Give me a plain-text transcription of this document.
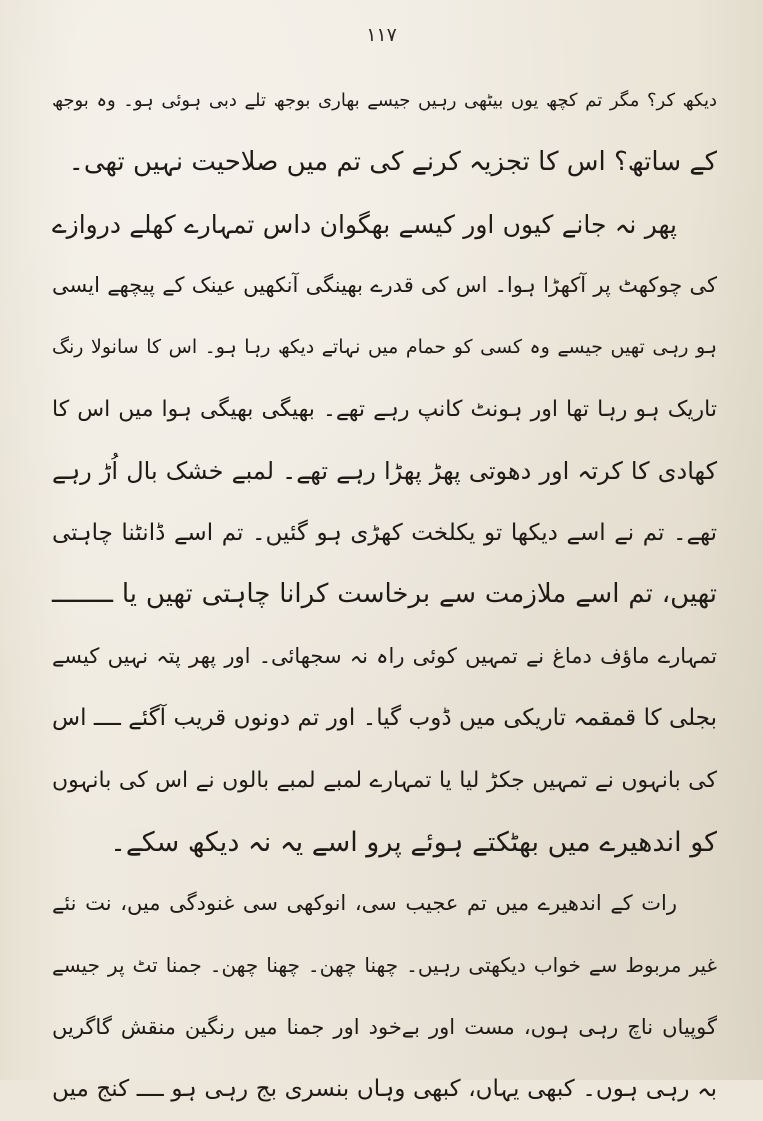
۱۱۷
دیکھ کر؟ مگر تم کچھ یوں بیٹھی رہیں جیسے بھاری بوجھ تلے دبی ہوئی ہو۔ وہ بوجھ
کے ساتھ؟ اس کا تجزیہ کرنے کی تم میں صلاحیت نہیں تھی۔
پھر نہ جانے کیوں اور کیسے بھگوان داس تمہارے کھلے دروازے
کی چوکھٹ پر آکھڑا ہوا۔ اس کی قدرے بھینگی آنکھیں عینک کے پیچھے ایسی
ہو رہی تھیں جیسے وہ کسی کو حمام میں نہاتے دیکھ رہا ہو۔ اس کا سانولا رنگ
تاریک ہو رہا تھا اور ہونٹ کانپ رہے تھے۔ بھیگی بھیگی ہوا میں اس کا
کھادی کا کرتہ اور دھوتی پھڑ پھڑا رہے تھے۔ لمبے خشک بال اُڑ رہے
تھے۔ تم نے اسے دیکھا تو یکلخت کھڑی ہو گئیں۔ تم اسے ڈانٹنا چاہتی
تھیں، تم اسے ملازمت سے برخاست کرانا چاہتی تھیں یا ــــــــ
تمہارے ماؤف دماغ نے تمہیں کوئی راہ نہ سجھائی۔ اور پھر پتہ نہیں کیسے
بجلی کا قمقمہ تاریکی میں ڈوب گیا۔ اور تم دونوں قریب آگئے ــــ اس
کی بانہوں نے تمہیں جکڑ لیا یا تمہارے لمبے لمبے بالوں نے اس کی بانہوں
کو اندھیرے میں بھٹکتے ہوئے پرو اسے یہ نہ دیکھ سکے۔
رات کے اندھیرے میں تم عجیب سی، انوکھی سی غنودگی میں، نت نئے
غیر مربوط سے خواب دیکھتی رہیں۔ چھنا چھن۔ چھنا چھن۔ جمنا تٹ پر جیسے
گوپیاں ناچ رہی ہوں، مست اور بےخود اور جمنا میں رنگین منقش گاگریں
بہ رہی ہوں۔ کبھی یہاں، کبھی وہاں بنسری بج رہی ہو ــــ کنج میں
